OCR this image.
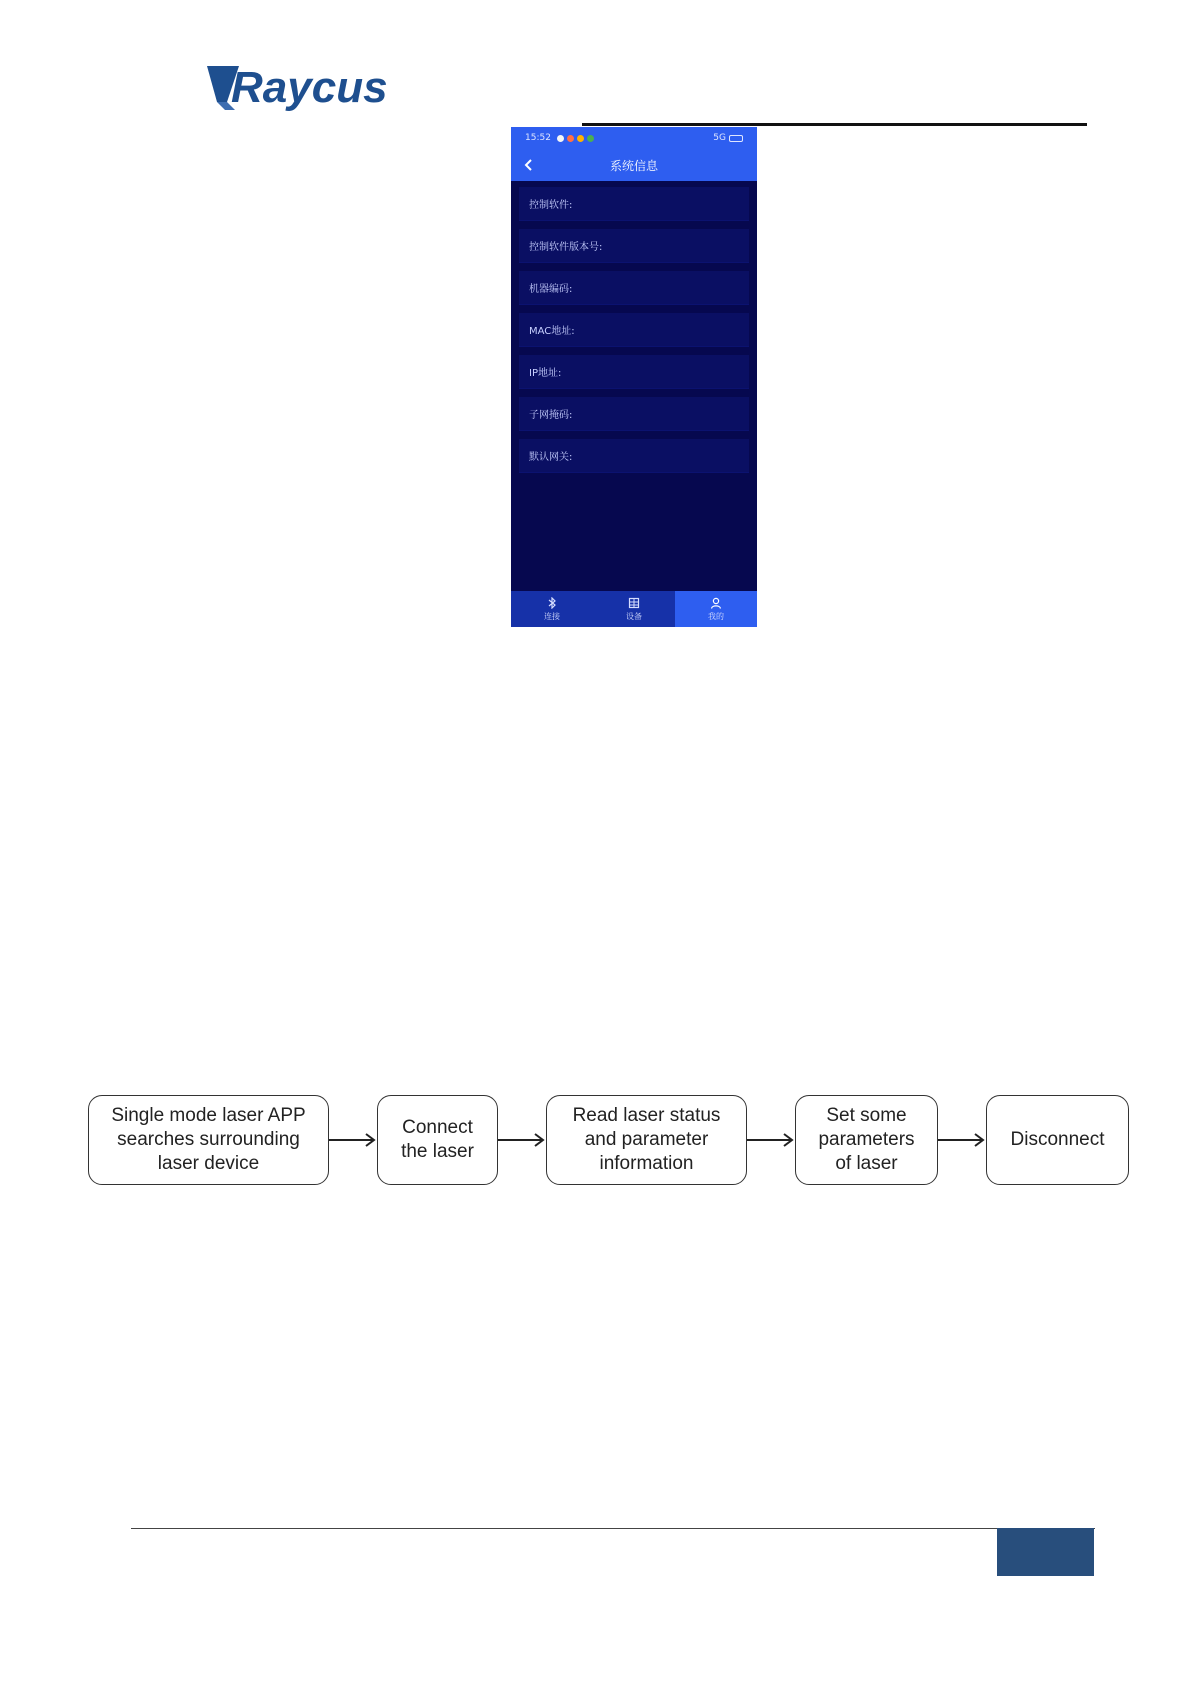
Raycus
15:52	5G
系统信息
控制软件:
控制软件版本号:
机器编码:
MAC地址:
IP地址:
子网掩码:
默认网关:
连接	设备	我的
Single mode laser APP
searches surrounding
laser device
Connect
the laser
Read laser status
and parameter
information
Set some
parameters
of laser
Disconnect
